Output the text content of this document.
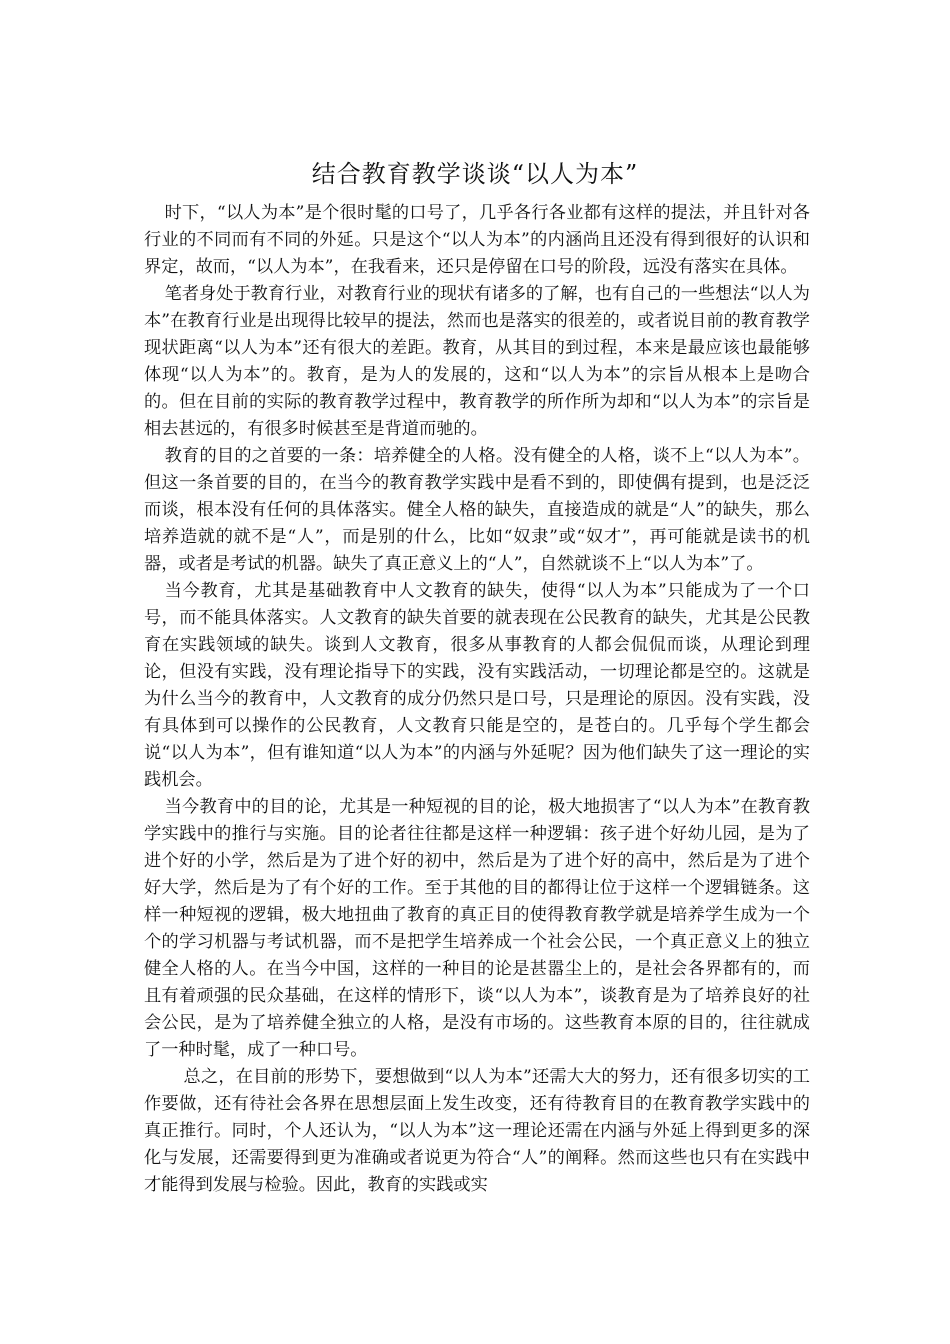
结合教育教学谈谈“以人为本”

时下，“以人为本”是个很时髦的口号了，几乎各行各业都有这样的提法，并且针对各行业的不同而有不同的外延。只是这个“以人为本”的内涵尚且还没有得到很好的认识和界定，故而，“以人为本”，在我看来，还只是停留在口号的阶段，远没有落实在具体。

笔者身处于教育行业，对教育行业的现状有诸多的了解，也有自己的一些想法“以人为本”在教育行业是出现得比较早的提法，然而也是落实的很差的，或者说目前的教育教学现状距离“以人为本”还有很大的差距。教育，从其目的到过程，本来是最应该也最能够体现“以人为本”的。教育，是为人的发展的，这和“以人为本”的宗旨从根本上是吻合的。但在目前的实际的教育教学过程中，教育教学的所作所为却和“以人为本”的宗旨是相去甚远的，有很多时候甚至是背道而驰的。

教育的目的之首要的一条：培养健全的人格。没有健全的人格，谈不上“以人为本”。但这一条首要的目的，在当今的教育教学实践中是看不到的，即使偶有提到，也是泛泛而谈，根本没有任何的具体落实。健全人格的缺失，直接造成的就是“人”的缺失，那么培养造就的就不是“人”，而是别的什么，比如“奴隶”或“奴才”，再可能就是读书的机器，或者是考试的机器。缺失了真正意义上的“人”，自然就谈不上“以人为本”了。

当今教育，尤其是基础教育中人文教育的缺失，使得“以人为本”只能成为了一个口号，而不能具体落实。人文教育的缺失首要的就表现在公民教育的缺失，尤其是公民教育在实践领域的缺失。谈到人文教育，很多从事教育的人都会侃侃而谈，从理论到理论，但没有实践，没有理论指导下的实践，没有实践活动，一切理论都是空的。这就是为什么当今的教育中，人文教育的成分仍然只是口号，只是理论的原因。没有实践，没有具体到可以操作的公民教育，人文教育只能是空的，是苍白的。几乎每个学生都会说“以人为本”，但有谁知道“以人为本”的内涵与外延呢？因为他们缺失了这一理论的实践机会。

当今教育中的目的论，尤其是一种短视的目的论，极大地损害了“以人为本”在教育教学实践中的推行与实施。目的论者往往都是这样一种逻辑：孩子进个好幼儿园，是为了进个好的小学，然后是为了进个好的初中，然后是为了进个好的高中，然后是为了进个好大学，然后是为了有个好的工作。至于其他的目的都得让位于这样一个逻辑链条。这样一种短视的逻辑，极大地扭曲了教育的真正目的使得教育教学就是培养学生成为一个个的学习机器与考试机器，而不是把学生培养成一个社会公民，一个真正意义上的独立健全人格的人。在当今中国，这样的一种目的论是甚嚣尘上的，是社会各界都有的，而且有着顽强的民众基础，在这样的情形下，谈“以人为本”，谈教育是为了培养良好的社会公民，是为了培养健全独立的人格，是没有市场的。这些教育本原的目的，往往就成了一种时髦，成了一种口号。

总之，在目前的形势下，要想做到“以人为本”还需大大的努力，还有很多切实的工作要做，还有待社会各界在思想层面上发生改变，还有待教育目的在教育教学实践中的真正推行。同时，个人还认为，“以人为本”这一理论还需在内涵与外延上得到更多的深化与发展，还需要得到更为准确或者说更为符合“人”的阐释。然而这些也只有在实践中才能得到发展与检验。因此，教育的实践或实
